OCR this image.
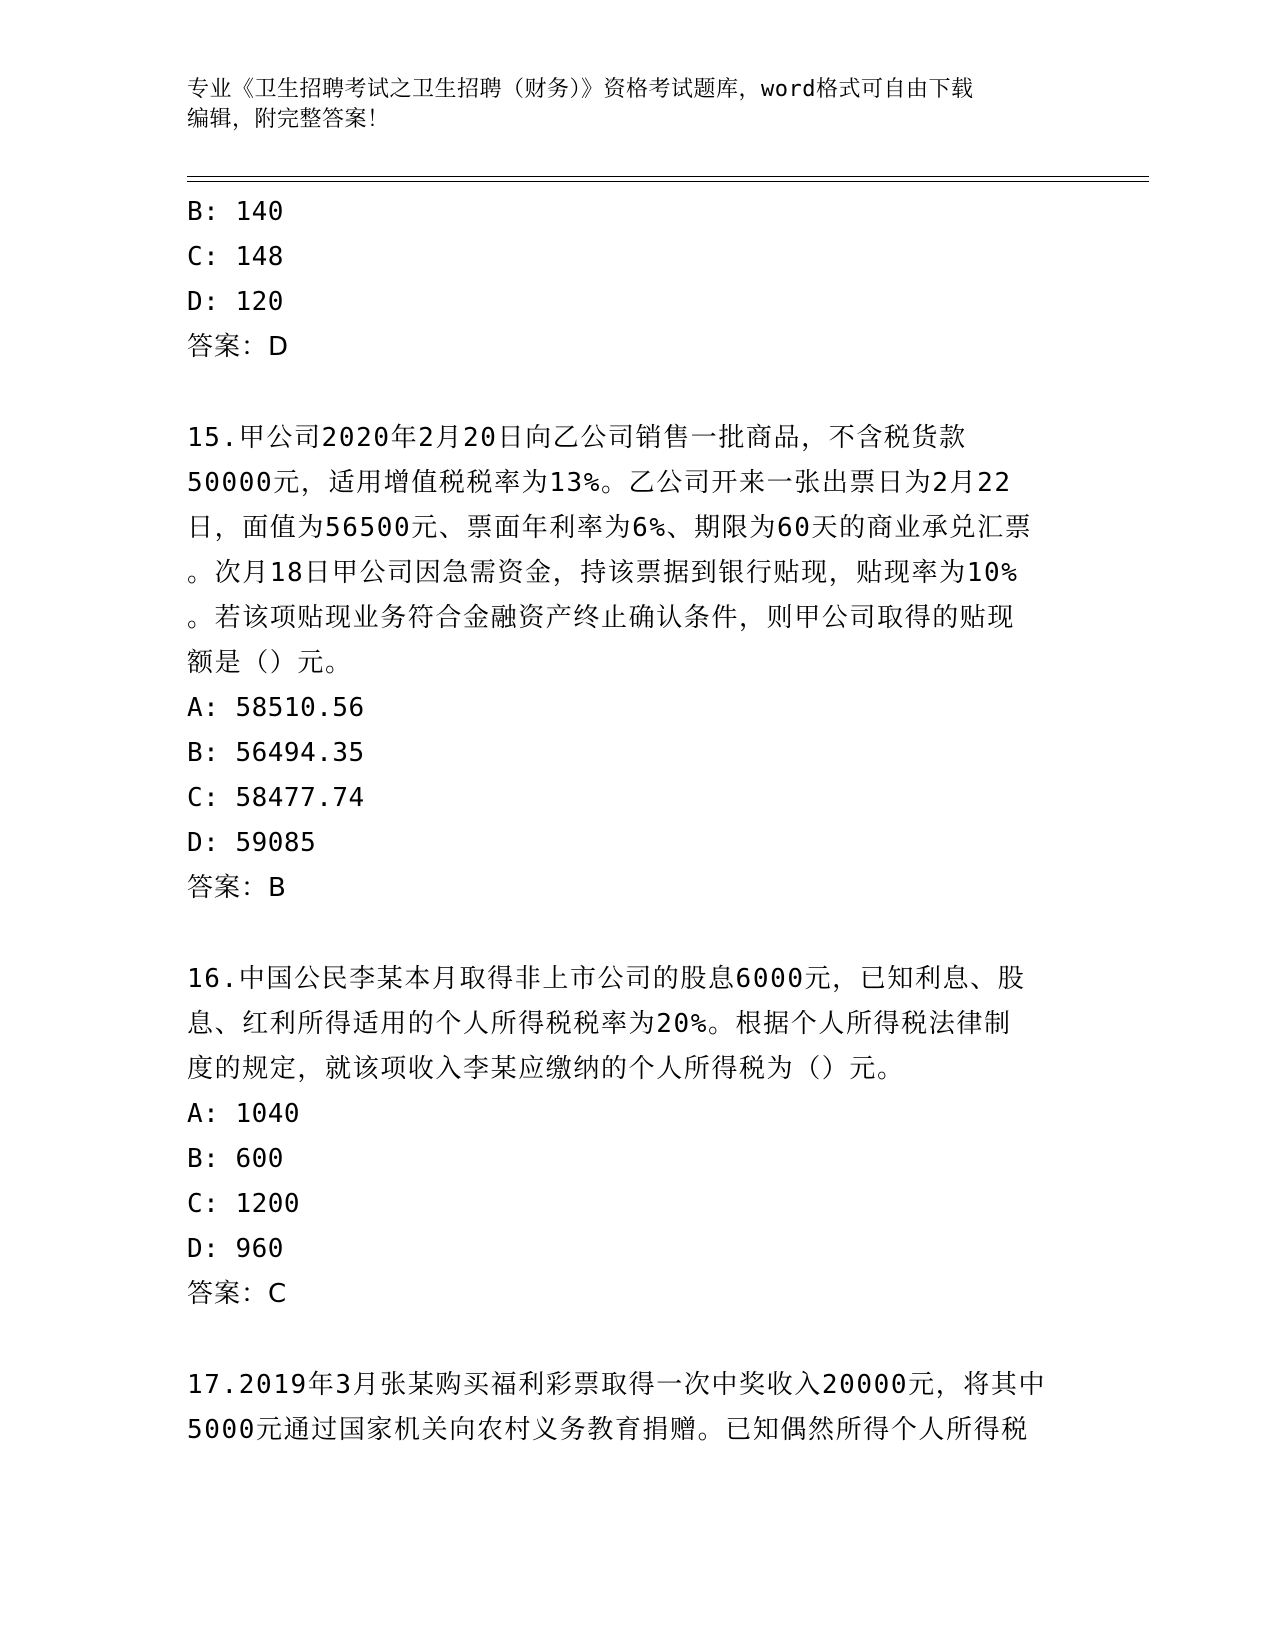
专业《卫生招聘考试之卫生招聘（财务）》资格考试题库，word格式可自由下载
编辑，附完整答案！
B: 140
C: 148
D: 120
答案：D
15.甲公司2020年2月20日向乙公司销售一批商品，不含税货款
50000元，适用增值税税率为13%。乙公司开来一张出票日为2月22
日，面值为56500元、票面年利率为6%、期限为60天的商业承兑汇票
。次月18日甲公司因急需资金，持该票据到银行贴现，贴现率为10%
。若该项贴现业务符合金融资产终止确认条件，则甲公司取得的贴现
额是（）元。
A: 58510.56
B: 56494.35
C: 58477.74
D: 59085
答案：B
16.中国公民李某本月取得非上市公司的股息6000元，已知利息、股
息、红利所得适用的个人所得税税率为20%。根据个人所得税法律制
度的规定，就该项收入李某应缴纳的个人所得税为（）元。
A: 1040
B: 600
C: 1200
D: 960
答案：C
17.2019年3月张某购买福利彩票取得一次中奖收入20000元，将其中
5000元通过国家机关向农村义务教育捐赠。已知偶然所得个人所得税
